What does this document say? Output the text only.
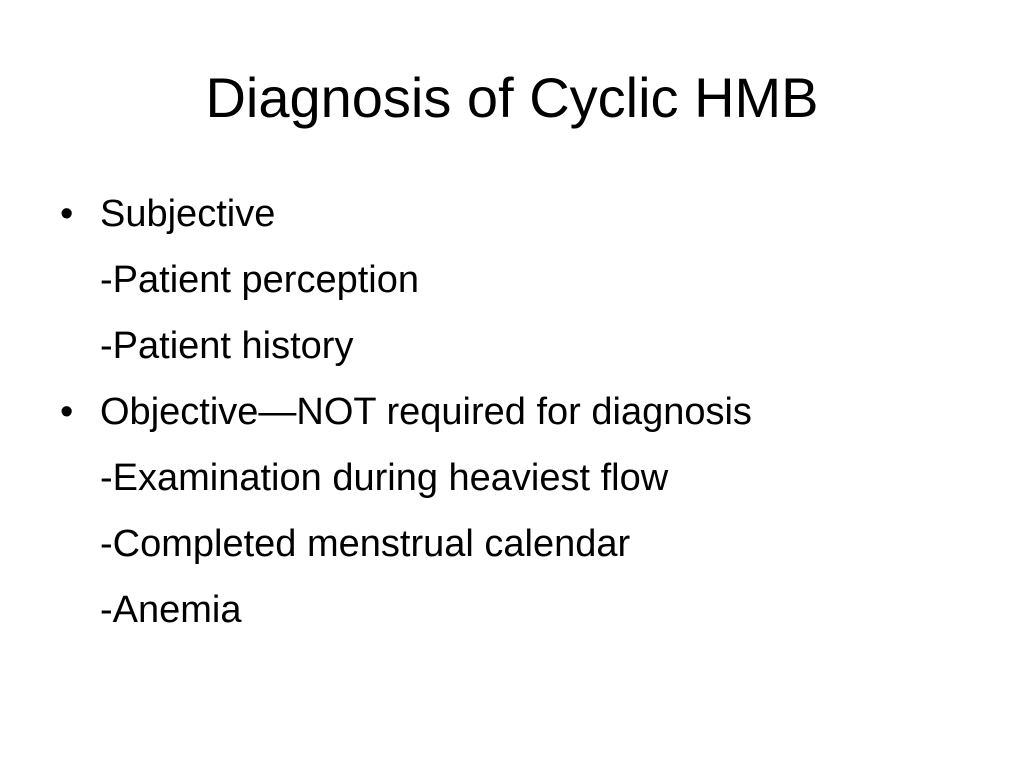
Diagnosis of Cyclic HMB
• Subjective
-Patient perception
-Patient history
• Objective—NOT required for diagnosis
-Examination during heaviest flow
-Completed menstrual calendar
-Anemia
